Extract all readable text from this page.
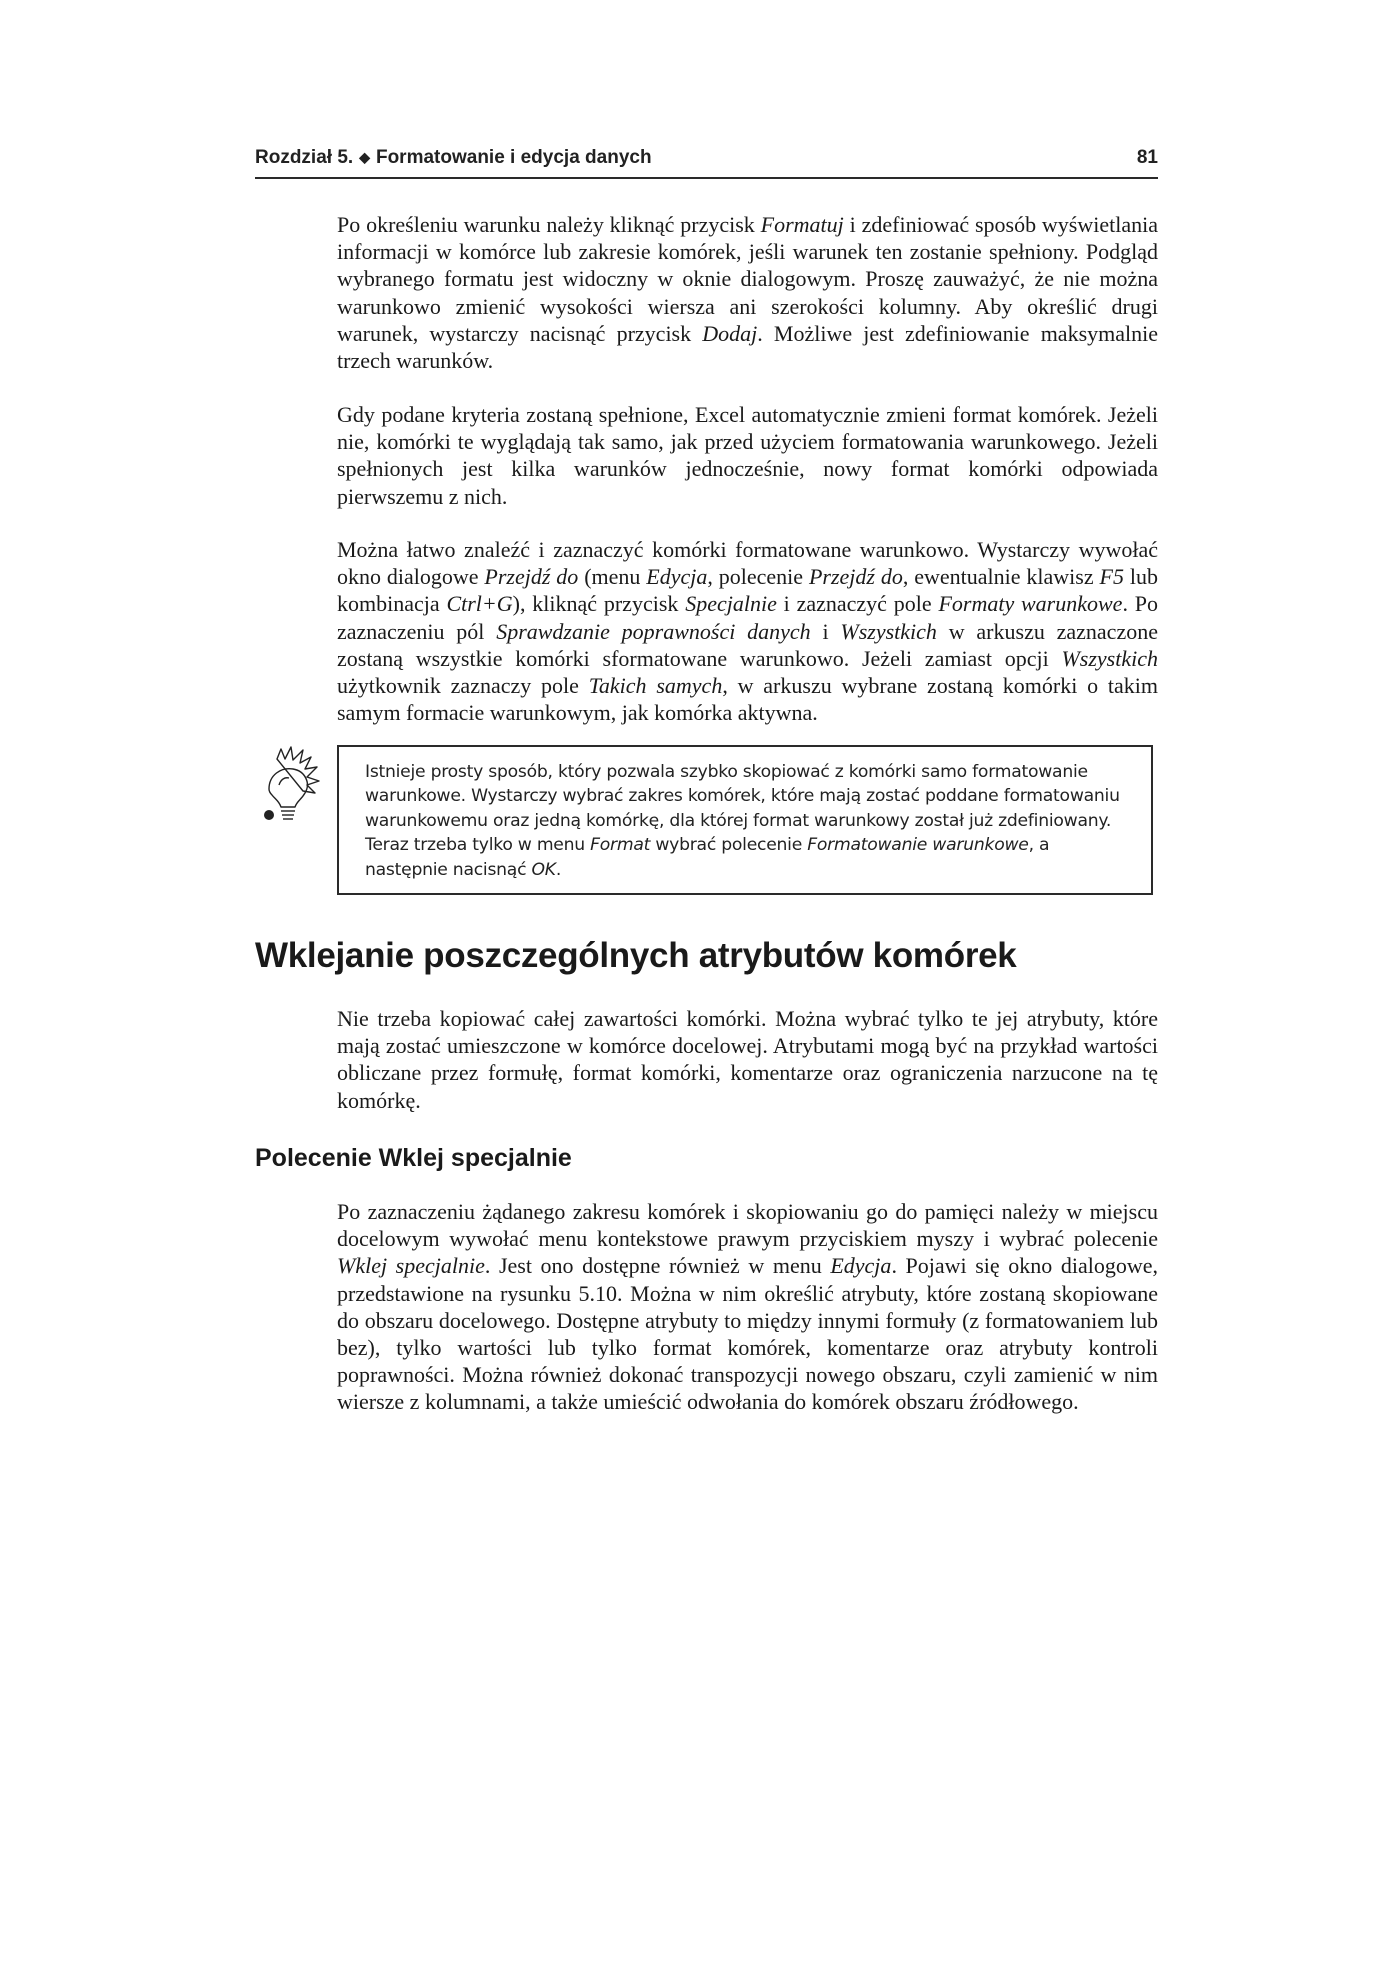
Rozdział 5. ◆ Formatowanie i edycja danych	81

Po określeniu warunku należy kliknąć przycisk Formatuj i zdefiniować sposób wyświetlania informacji w komórce lub zakresie komórek, jeśli warunek ten zostanie spełniony. Podgląd wybranego formatu jest widoczny w oknie dialogowym. Proszę zauważyć, że nie można warunkowo zmienić wysokości wiersza ani szerokości kolumny. Aby określić drugi warunek, wystarczy nacisnąć przycisk Dodaj. Możliwe jest zdefiniowanie maksymalnie trzech warunków.

Gdy podane kryteria zostaną spełnione, Excel automatycznie zmieni format komórek. Jeżeli nie, komórki te wyglądają tak samo, jak przed użyciem formatowania warunkowego. Jeżeli spełnionych jest kilka warunków jednocześnie, nowy format komórki odpowiada pierwszemu z nich.

Można łatwo znaleźć i zaznaczyć komórki formatowane warunkowo. Wystarczy wywołać okno dialogowe Przejdź do (menu Edycja, polecenie Przejdź do, ewentualnie klawisz F5 lub kombinacja Ctrl+G), kliknąć przycisk Specjalnie i zaznaczyć pole Formaty warunkowe. Po zaznaczeniu pól Sprawdzanie poprawności danych i Wszystkich w arkuszu zaznaczone zostaną wszystkie komórki sformatowane warunkowo. Jeżeli zamiast opcji Wszystkich użytkownik zaznaczy pole Takich samych, w arkuszu wybrane zostaną komórki o takim samym formacie warunkowym, jak komórka aktywna.

Istnieje prosty sposób, który pozwala szybko skopiować z komórki samo formatowanie warunkowe. Wystarczy wybrać zakres komórek, które mają zostać poddane formatowaniu warunkowemu oraz jedną komórkę, dla której format warunkowy został już zdefiniowany. Teraz trzeba tylko w menu Format wybrać polecenie Formatowanie warunkowe, a następnie nacisnąć OK.

Wklejanie poszczególnych atrybutów komórek

Nie trzeba kopiować całej zawartości komórki. Można wybrać tylko te jej atrybuty, które mają zostać umieszczone w komórce docelowej. Atrybutami mogą być na przykład wartości obliczane przez formułę, format komórki, komentarze oraz ograniczenia narzucone na tę komórkę.

Polecenie Wklej specjalnie

Po zaznaczeniu żądanego zakresu komórek i skopiowaniu go do pamięci należy w miejscu docelowym wywołać menu kontekstowe prawym przyciskiem myszy i wybrać polecenie Wklej specjalnie. Jest ono dostępne również w menu Edycja. Pojawi się okno dialogowe, przedstawione na rysunku 5.10. Można w nim określić atrybuty, które zostaną skopiowane do obszaru docelowego. Dostępne atrybuty to między innymi formuły (z formatowaniem lub bez), tylko wartości lub tylko format komórek, komentarze oraz atrybuty kontroli poprawności. Można również dokonać transpozycji nowego obszaru, czyli zamienić w nim wiersze z kolumnami, a także umieścić odwołania do komórek obszaru źródłowego.
